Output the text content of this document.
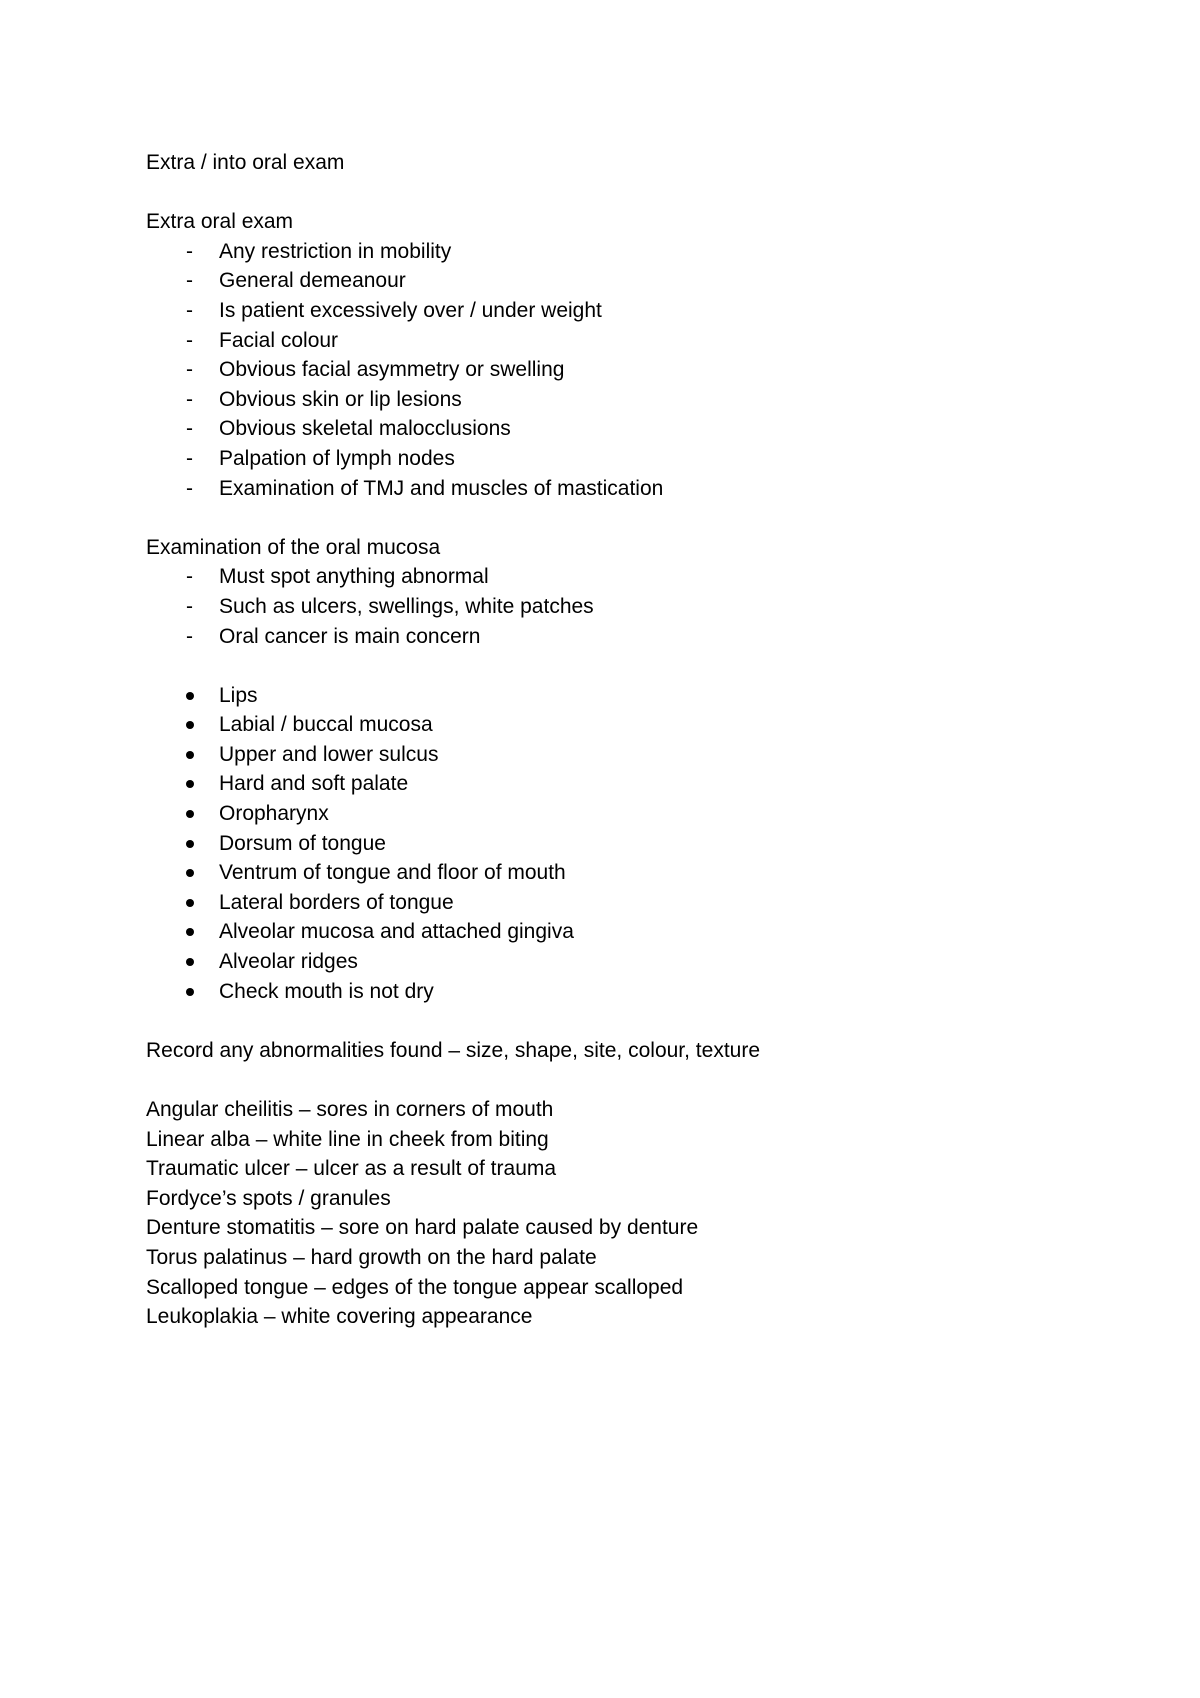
Extra / into oral exam
Extra oral exam
-	Any restriction in mobility
-	General demeanour
-	Is patient excessively over / under weight
-	Facial colour
-	Obvious facial asymmetry or swelling
-	Obvious skin or lip lesions
-	Obvious skeletal malocclusions
-	Palpation of lymph nodes
-	Examination of TMJ and muscles of mastication
Examination of the oral mucosa
-	Must spot anything abnormal
-	Such as ulcers, swellings, white patches
-	Oral cancer is main concern
Lips
Labial / buccal mucosa
Upper and lower sulcus
Hard and soft palate
Oropharynx
Dorsum of tongue
Ventrum of tongue and floor of mouth
Lateral borders of tongue
Alveolar mucosa and attached gingiva
Alveolar ridges
Check mouth is not dry
Record any abnormalities found – size, shape, site, colour, texture
Angular cheilitis – sores in corners of mouth
Linear alba – white line in cheek from biting
Traumatic ulcer – ulcer as a result of trauma
Fordyce’s spots / granules
Denture stomatitis – sore on hard palate caused by denture
Torus palatinus – hard growth on the hard palate
Scalloped tongue – edges of the tongue appear scalloped
Leukoplakia – white covering appearance
